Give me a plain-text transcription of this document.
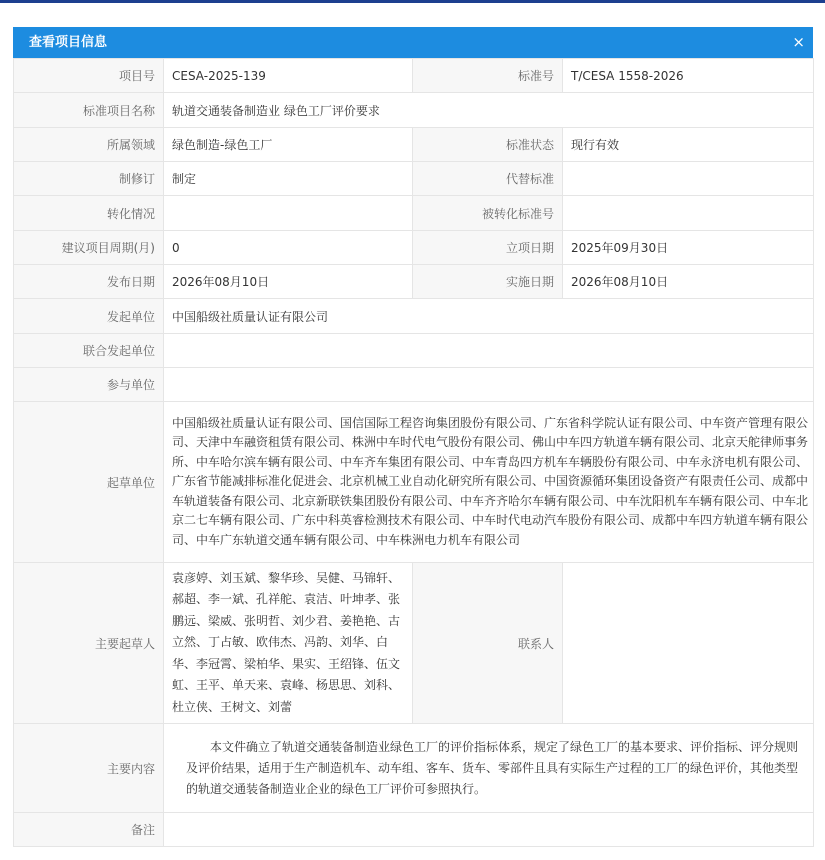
查看项目信息	×
项目号	CESA-2025-139	标准号	T/CESA 1558-2026
标准项目名称	轨道交通装备制造业 绿色工厂评价要求		
所属领域	绿色制造-绿色工厂	标准状态	现行有效
制修订	制定	代替标准	
转化情况		被转化标准号	
建议项目周期(月)	0	立项日期	2025年09月30日
发布日期	2026年08月10日	实施日期	2026年08月10日
发起单位	中国船级社质量认证有限公司		
联合发起单位			
参与单位			
起草单位	中国船级社质量认证有限公司、国信国际工程咨询集团股份有限公司、广东省科学院认证有限公司、中车资产管理有限公司、天津中车融资租赁有限公司、株洲中车时代电气股份有限公司、佛山中车四方轨道车辆有限公司、北京天舵律师事务所、中车哈尔滨车辆有限公司、中车齐车集团有限公司、中车青岛四方机车车辆股份有限公司、中车永济电机有限公司、广东省节能减排标准化促进会、北京机械工业自动化研究所有限公司、中国资源循环集团设备资产有限责任公司、成都中车轨道装备有限公司、北京新联铁集团股份有限公司、中车齐齐哈尔车辆有限公司、中车沈阳机车车辆有限公司、中车北京二七车辆有限公司、广东中科英睿检测技术有限公司、中车时代电动汽车股份有限公司、成都中车四方轨道车辆有限公司、中车广东轨道交通车辆有限公司、中车株洲电力机车有限公司		
主要起草人	袁彦婷、刘玉斌、黎华珍、吴健、马锦轩、郝超、李一斌、孔祥舵、袁洁、叶坤孝、张鹏远、梁威、张明哲、刘少君、姜艳艳、古立然、丁占敏、欧伟杰、冯韵、刘华、白华、李冠霄、梁柏华、果实、王绍锋、伍文虹、王平、单天来、袁峰、杨思思、刘科、杜立侠、王树文、刘蕾	联系人	
主要内容	本文件确立了轨道交通装备制造业绿色工厂的评价指标体系，规定了绿色工厂的基本要求、评价指标、评分规则及评价结果，适用于生产制造机车、动车组、客车、货车、零部件且具有实际生产过程的工厂的绿色评价，其他类型的轨道交通装备制造业企业的绿色工厂评价可参照执行。		

备注			
